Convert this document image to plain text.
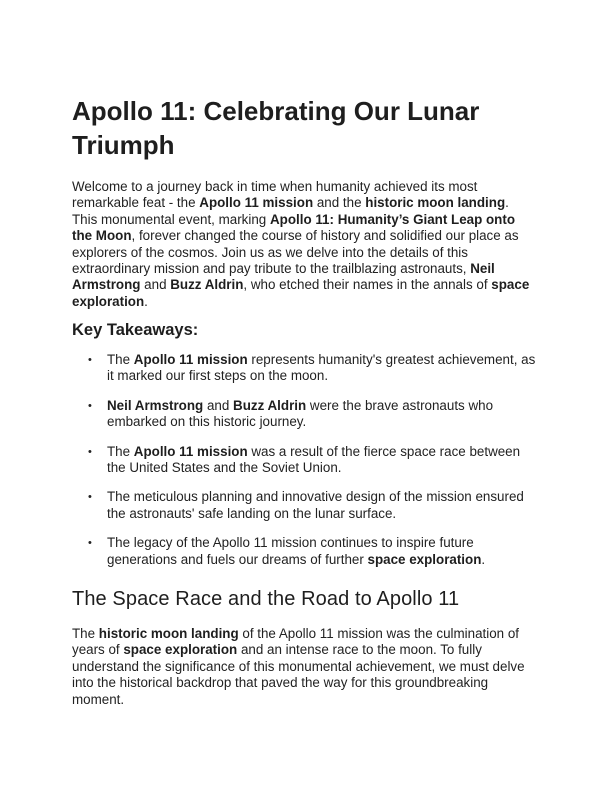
Apollo 11: Celebrating Our Lunar Triumph

Welcome to a journey back in time when humanity achieved its most remarkable feat - the Apollo 11 mission and the historic moon landing. This monumental event, marking Apollo 11: Humanity’s Giant Leap onto the Moon, forever changed the course of history and solidified our place as explorers of the cosmos. Join us as we delve into the details of this extraordinary mission and pay tribute to the trailblazing astronauts, Neil Armstrong and Buzz Aldrin, who etched their names in the annals of space exploration.

Key Takeaways:
• The Apollo 11 mission represents humanity's greatest achievement, as it marked our first steps on the moon.
• Neil Armstrong and Buzz Aldrin were the brave astronauts who embarked on this historic journey.
• The Apollo 11 mission was a result of the fierce space race between the United States and the Soviet Union.
• The meticulous planning and innovative design of the mission ensured the astronauts' safe landing on the lunar surface.
• The legacy of the Apollo 11 mission continues to inspire future generations and fuels our dreams of further space exploration.
The Space Race and the Road to Apollo 11

The historic moon landing of the Apollo 11 mission was the culmination of years of space exploration and an intense race to the moon. To fully understand the significance of this monumental achievement, we must delve into the historical backdrop that paved the way for this groundbreaking moment.
